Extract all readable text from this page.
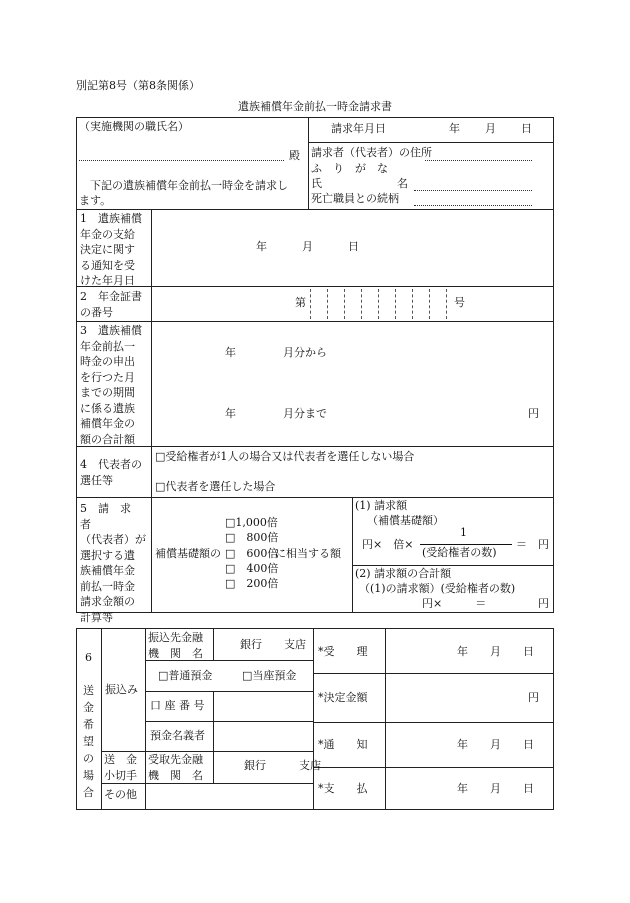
別記第8号（第8条関係）
遺族補償年金前払一時金請求書
（実施機関の職氏名）
殿
下記の遺族補償年金前払一時金を請求し
ます。
請求年月日	年 月 日
請求者（代表者）の住所
ふ　り　が　な
氏	名
死亡職員との続柄
1　遺族補償
年金の支給
決定に関す
る通知を受
けた年月日
年	月	日
2　年金証書
の番号
第	号
3　遺族補償
年金前払一
時金の申出
を行つた月
までの期間
に係る遺族
補償年金の
額の合計額
年	月分から
年	月分まで	円
4　代表者の
選任等
□受給権者が1人の場合又は代表者を選任しない場合
□代表者を選任した場合
5　請　求　者
（代表者）が
選択する遺
族補償年金
前払一時金
請求金額の
計算等
補償基礎額の
□1,000倍
□　800倍
□　600倍
に相当する額
□　400倍
□　200倍
(1) 請求額
（補償基礎額）
円×　倍×
1
(受給権者の数)
＝　円
(2) 請求額の合計額
（(1)の請求額）(受給権者の数)
円×　　　＝	円
6
送
金
希
望
の
場
合
振込み
振込先金融
機　関　名
銀行　　支店
□普通預金	□当座預金
口 座 番 号
預金名義者
送　金
小切手
受取先金融
機　関　名
銀行　　　支店
その他
*受　　理	年　　月　　日
*決定金額	円
*通　　知	年　　月　　日
*支　　払	年　　月　　日
